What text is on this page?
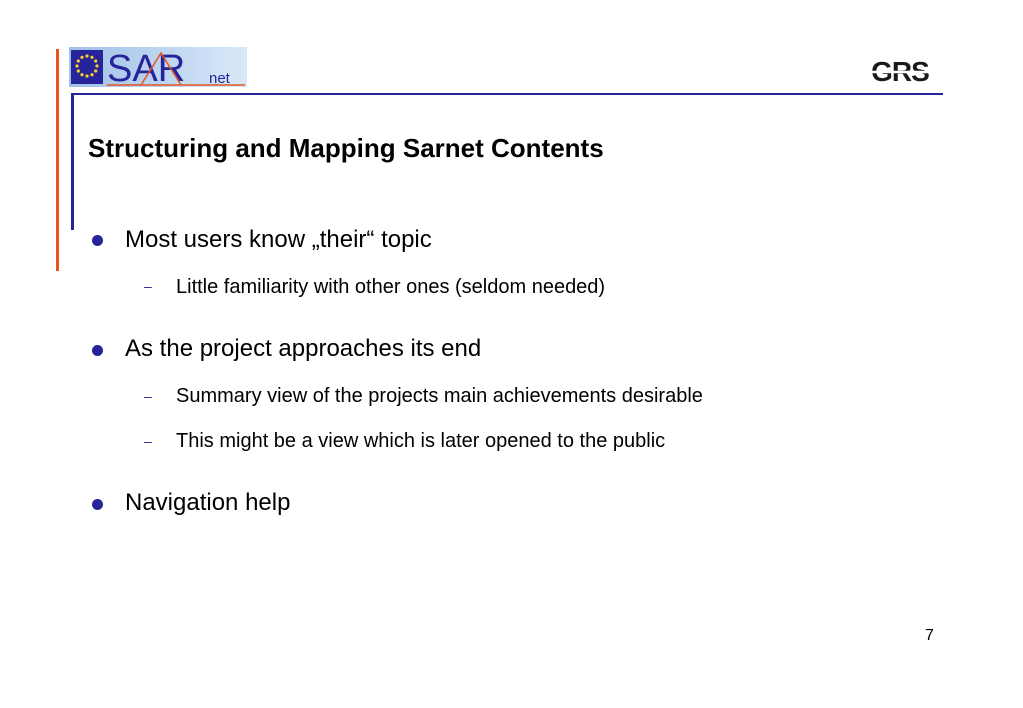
SAR net	GRS
Structuring and Mapping Sarnet Contents
Most users know „their“ topic
– Little familiarity with other ones (seldom needed)
As the project approaches its end
– Summary view of the projects main achievements desirable
– This might be a view which is later opened to the public
Navigation help
7
